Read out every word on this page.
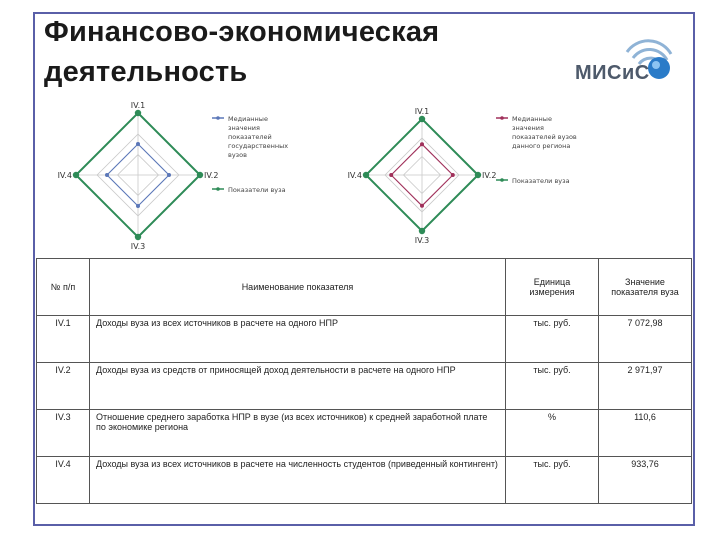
Финансово-экономическая деятельность	МИСиС
IV.1
IV.2
IV.3
IV.4
Медианные
значения
показателей
государственных
вузов
Показатели вуза
IV.1
IV.2
IV.3
IV.4
Медианные
значения
показателей вузов
данного региона
Показатели вуза
№ п/п	Наименование показателя	Единица измерения	Значение показателя вуза
IV.1	Доходы вуза из всех источников в расчете на одного НПР	тыс. руб.	7 072,98
IV.2	Доходы вуза из средств от приносящей доход деятельности в расчете на одного НПР	тыс. руб.	2 971,97
IV.3	Отношение среднего заработка НПР в вузе (из всех источников) к средней заработной плате по экономике региона	%	110,6
IV.4	Доходы вуза из всех источников в расчете на численность студентов (приведенный контингент)	тыс. руб.	933,76
